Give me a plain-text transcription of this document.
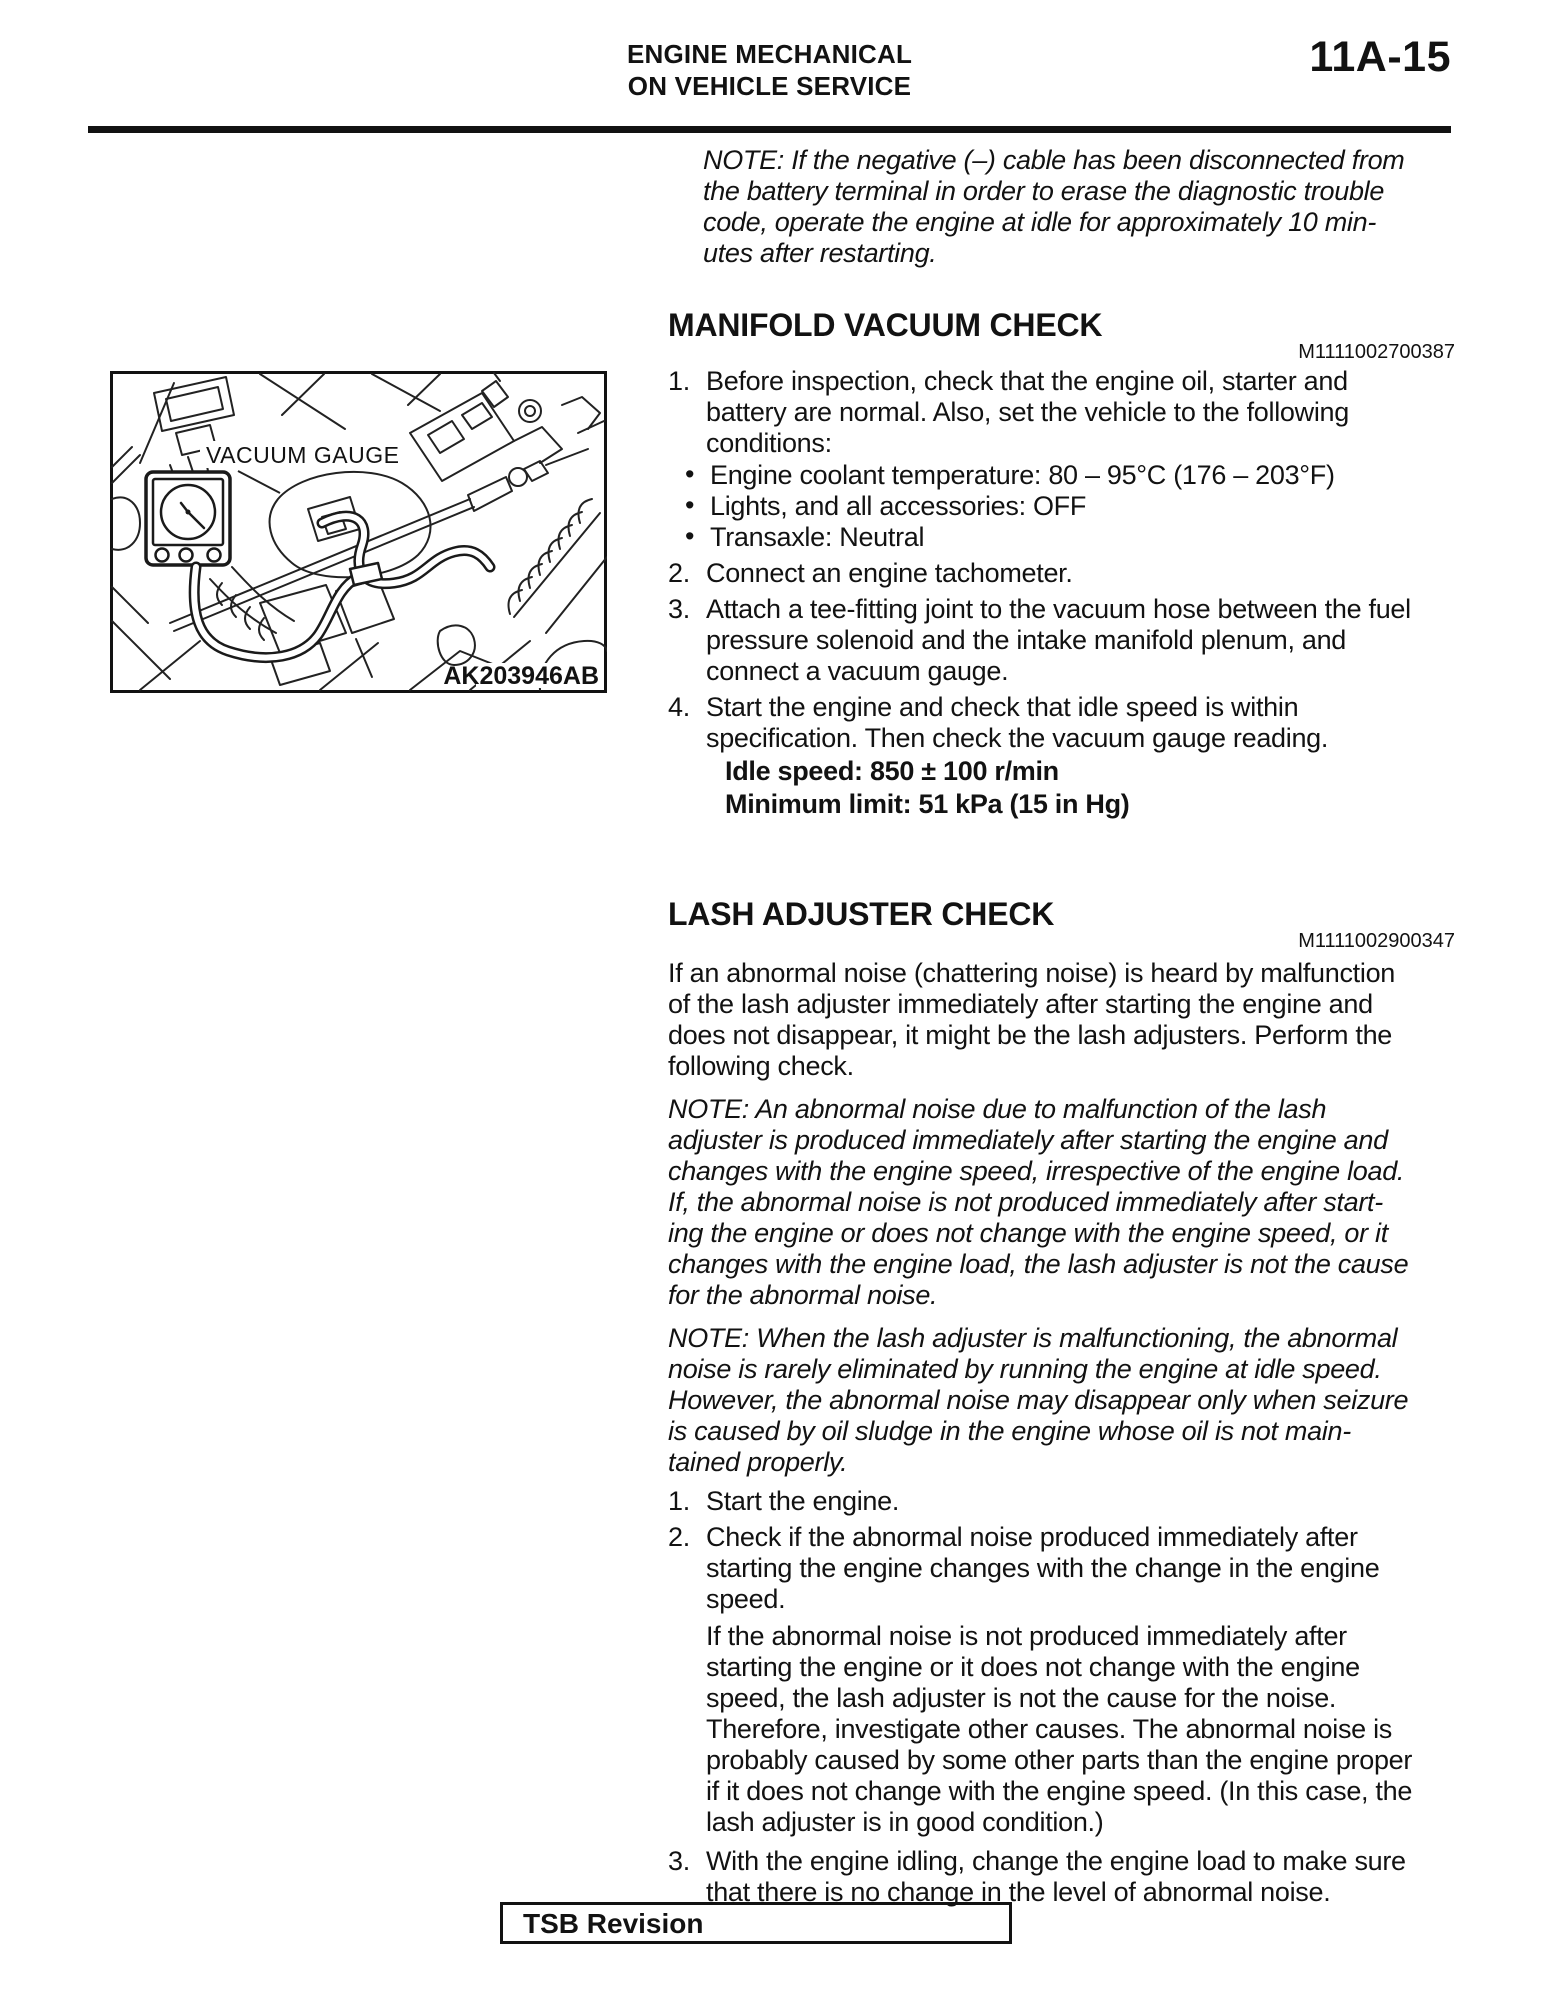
ENGINE MECHANICAL
ON VEHICLE SERVICE
11A-15
VACUUM GAUGE
AK203946AB
NOTE: If the negative (–) cable has been disconnected from
the battery terminal in order to erase the diagnostic trouble
code, operate the engine at idle for approximately 10 min-
utes after restarting.
MANIFOLD VACUUM CHECK
M1111002700387
1. Before inspection, check that the engine oil, starter and
battery are normal. Also, set the vehicle to the following
conditions:
• Engine coolant temperature: 80 – 95°C (176 – 203°F)
• Lights, and all accessories: OFF
• Transaxle: Neutral
2. Connect an engine tachometer.
3. Attach a tee-fitting joint to the vacuum hose between the fuel
pressure solenoid and the intake manifold plenum, and
connect a vacuum gauge.
4. Start the engine and check that idle speed is within
specification. Then check the vacuum gauge reading.
Idle speed: 850 ± 100 r/min
Minimum limit: 51 kPa (15 in Hg)
LASH ADJUSTER CHECK
M1111002900347
If an abnormal noise (chattering noise) is heard by malfunction
of the lash adjuster immediately after starting the engine and
does not disappear, it might be the lash adjusters. Perform the
following check.
NOTE: An abnormal noise due to malfunction of the lash
adjuster is produced immediately after starting the engine and
changes with the engine speed, irrespective of the engine load.
If, the abnormal noise is not produced immediately after start-
ing the engine or does not change with the engine speed, or it
changes with the engine load, the lash adjuster is not the cause
for the abnormal noise.
NOTE: When the lash adjuster is malfunctioning, the abnormal
noise is rarely eliminated by running the engine at idle speed.
However, the abnormal noise may disappear only when seizure
is caused by oil sludge in the engine whose oil is not main-
tained properly.
1. Start the engine.
2. Check if the abnormal noise produced immediately after
starting the engine changes with the change in the engine
speed.
If the abnormal noise is not produced immediately after
starting the engine or it does not change with the engine
speed, the lash adjuster is not the cause for the noise.
Therefore, investigate other causes. The abnormal noise is
probably caused by some other parts than the engine proper
if it does not change with the engine speed. (In this case, the
lash adjuster is in good condition.)
3. With the engine idling, change the engine load to make sure
that there is no change in the level of abnormal noise.
TSB Revision
